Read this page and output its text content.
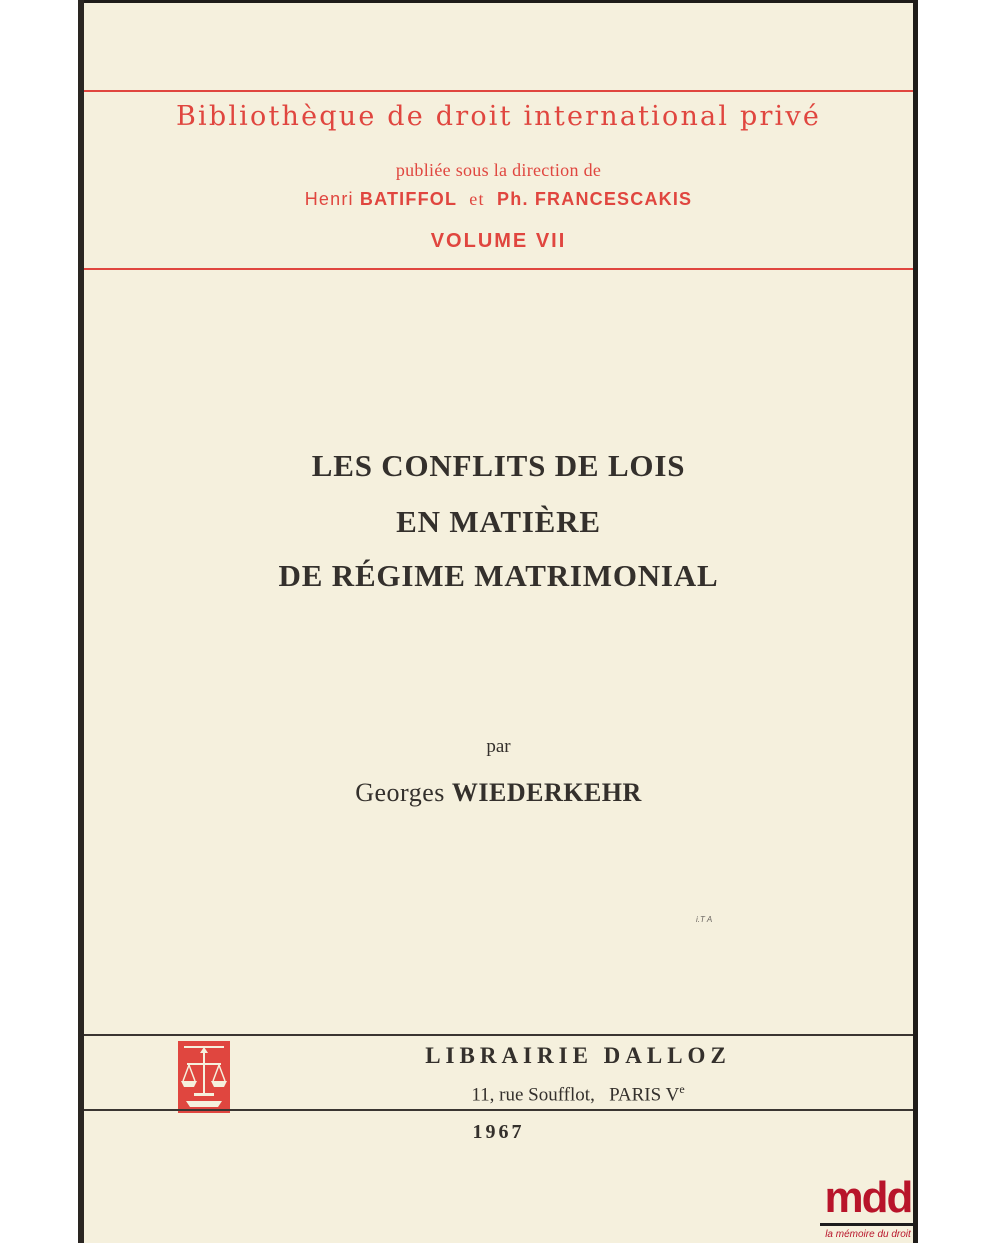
Bibliothèque de droit international privé
publiée sous la direction de
Henri BATIFFOL et Ph. FRANCESCAKIS
VOLUME VII
LES CONFLITS DE LOIS
EN MATIÈRE
DE RÉGIME MATRIMONIAL
par
Georges WIEDERKEHR
i.T A
LIBRAIRIE DALLOZ
11, rue Soufflot, PARIS Ve
1967
mdd
la mémoire du droit
